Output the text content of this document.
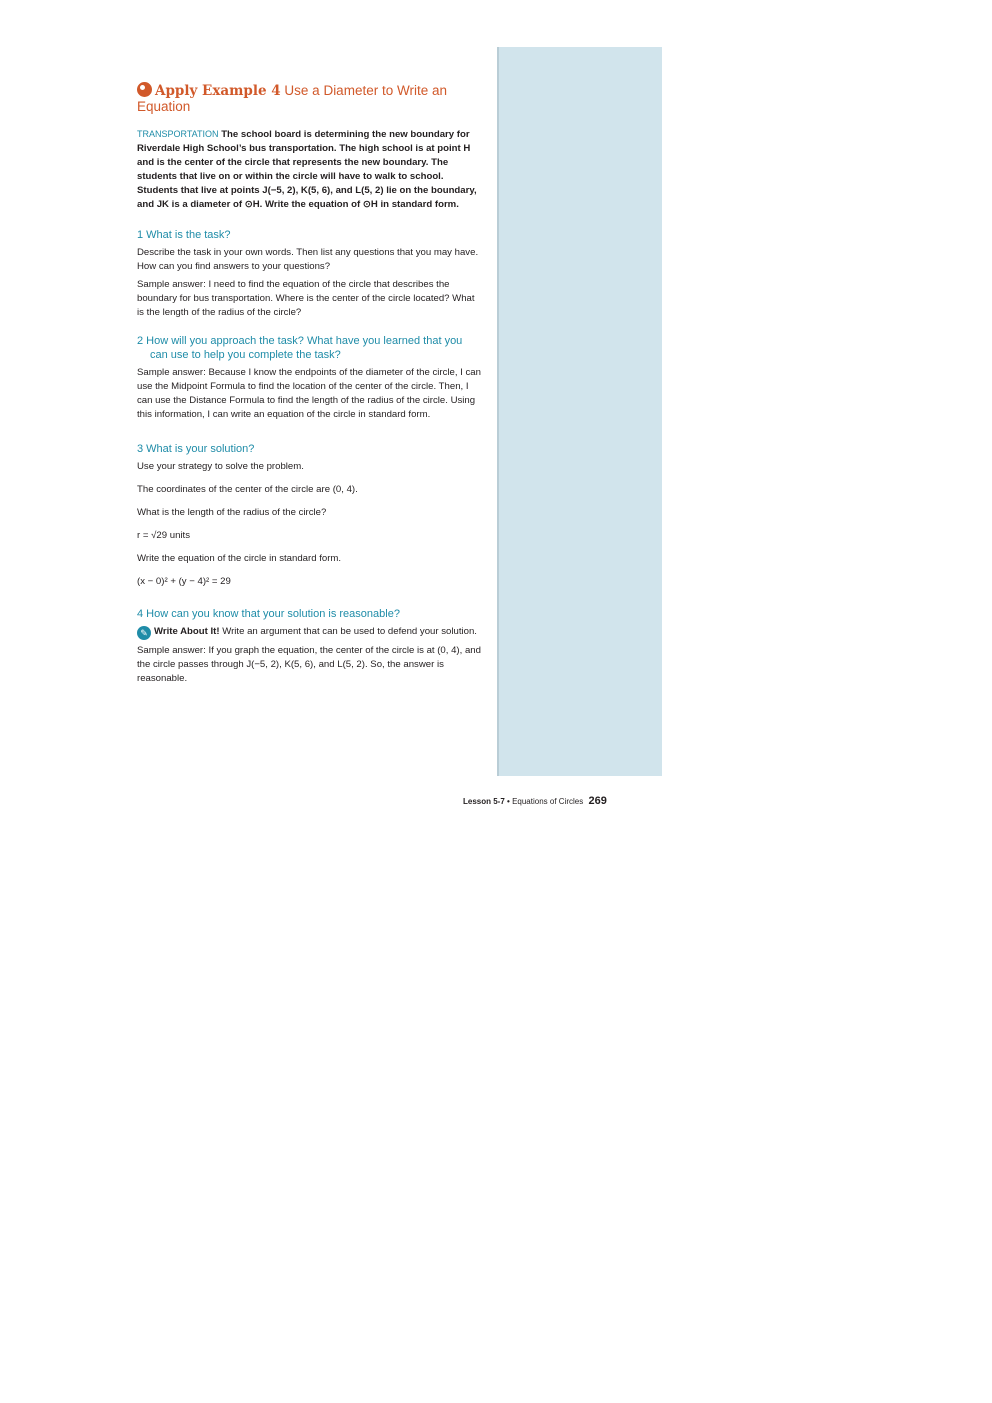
Apply Example 4 Use a Diameter to Write an Equation

TRANSPORTATION The school board is determining the new boundary for Riverdale High School’s bus transportation. The high school is at point H and is the center of the circle that represents the new boundary. The students that live on or within the circle will have to walk to school. Students that live at points J(−5, 2), K(5, 6), and L(5, 2) lie on the boundary, and JK is a diameter of ⊙H. Write the equation of ⊙H in standard form.

1 What is the task?

Describe the task in your own words. Then list any questions that you may have. How can you find answers to your questions?

Sample answer: I need to find the equation of the circle that describes the boundary for bus transportation. Where is the center of the circle located? What is the length of the radius of the circle?

2 How will you approach the task? What have you learned that you can use to help you complete the task?

Sample answer: Because I know the endpoints of the diameter of the circle, I can use the Midpoint Formula to find the location of the center of the circle. Then, I can use the Distance Formula to find the length of the radius of the circle. Using this information, I can write an equation of the circle in standard form.

3 What is your solution?

Use your strategy to solve the problem.

The coordinates of the center of the circle are (0, 4).

What is the length of the radius of the circle?

r = √29 units

Write the equation of the circle in standard form.

(x − 0)² + (y − 4)² = 29

4 How can you know that your solution is reasonable?

✎ Write About It! Write an argument that can be used to defend your solution.

Sample answer: If you graph the equation, the center of the circle is at (0, 4), and the circle passes through J(−5, 2), K(5, 6), and L(5, 2). So, the answer is reasonable.

Lesson 5-7 • Equations of Circles 269
